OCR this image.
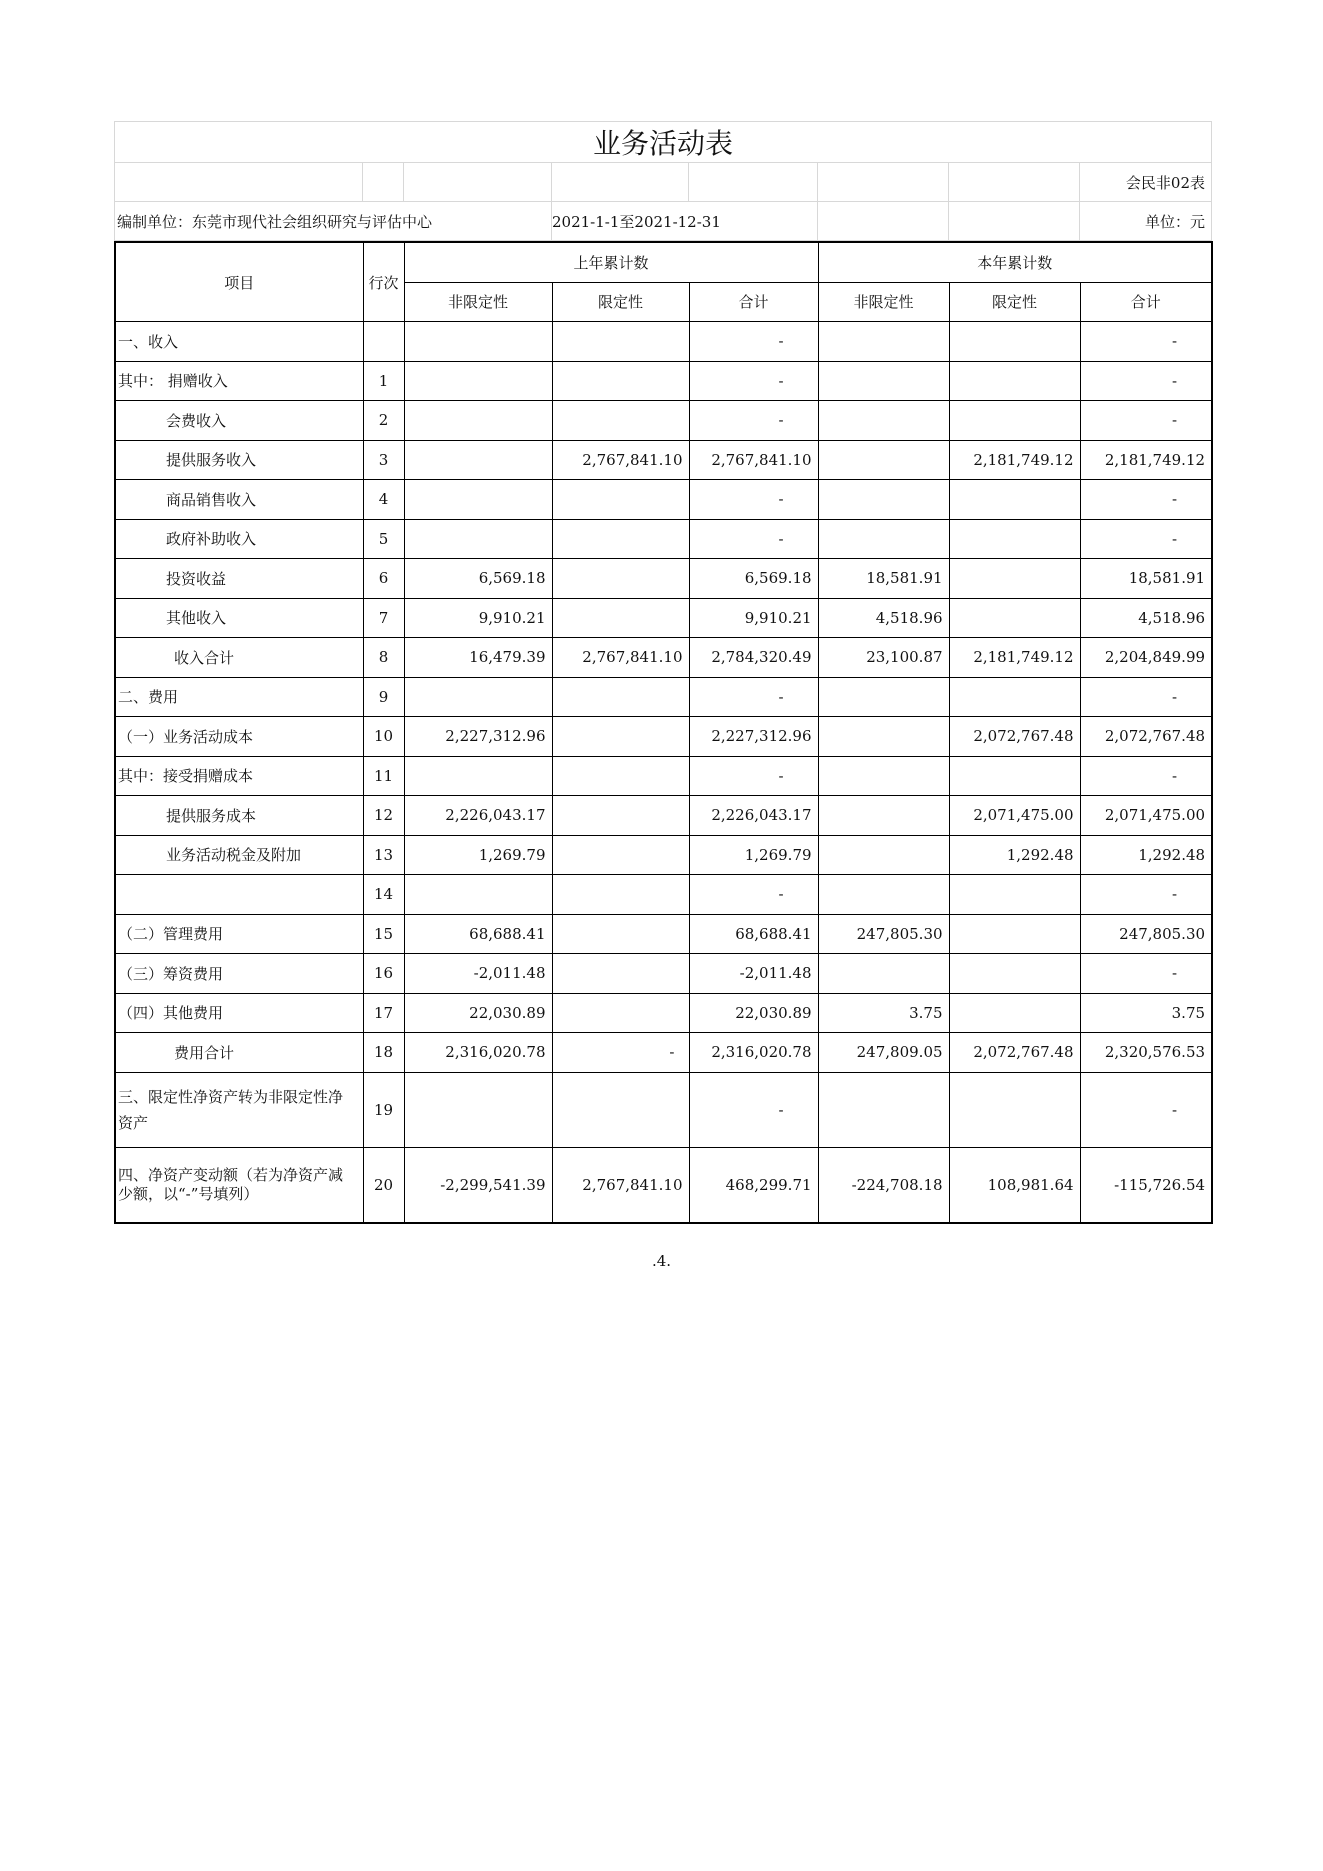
业务活动表							
							会民非02表
编制单位：东莞市现代社会组织研究与评估中心			2021-1-1至2021-12-31				单位：元
项目	行次	上年累计数			本年累计数		
		非限定性	限定性	合计	非限定性	限定性	合计
一、收入				-			-
其中： 捐赠收入	1			-			-
会费收入	2			-			-
提供服务收入	3		2,767,841.10	2,767,841.10		2,181,749.12	2,181,749.12
商品销售收入	4			-			-
政府补助收入	5			-			-
投资收益	6	6,569.18		6,569.18	18,581.91		18,581.91
其他收入	7	9,910.21		9,910.21	4,518.96		4,518.96
收入合计	8	16,479.39	2,767,841.10	2,784,320.49	23,100.87	2,181,749.12	2,204,849.99
二、费用	9			-			-
（一）业务活动成本	10	2,227,312.96		2,227,312.96		2,072,767.48	2,072,767.48
其中：接受捐赠成本	11			-			-
提供服务成本	12	2,226,043.17		2,226,043.17		2,071,475.00	2,071,475.00
业务活动税金及附加	13	1,269.79		1,269.79		1,292.48	1,292.48
	14			-			-
（二）管理费用	15	68,688.41		68,688.41	247,805.30		247,805.30
（三）筹资费用	16	-2,011.48		-2,011.48			-
（四）其他费用	17	22,030.89		22,030.89	3.75		3.75
费用合计	18	2,316,020.78	-	2,316,020.78	247,809.05	2,072,767.48	2,320,576.53
三、限定性净资产转为非限定性净资产	19			-			-
四、净资产变动额（若为净资产减少额，以“-”号填列）	20	-2,299,541.39	2,767,841.10	468,299.71	-224,708.18	108,981.64	-115,726.54
.4.
